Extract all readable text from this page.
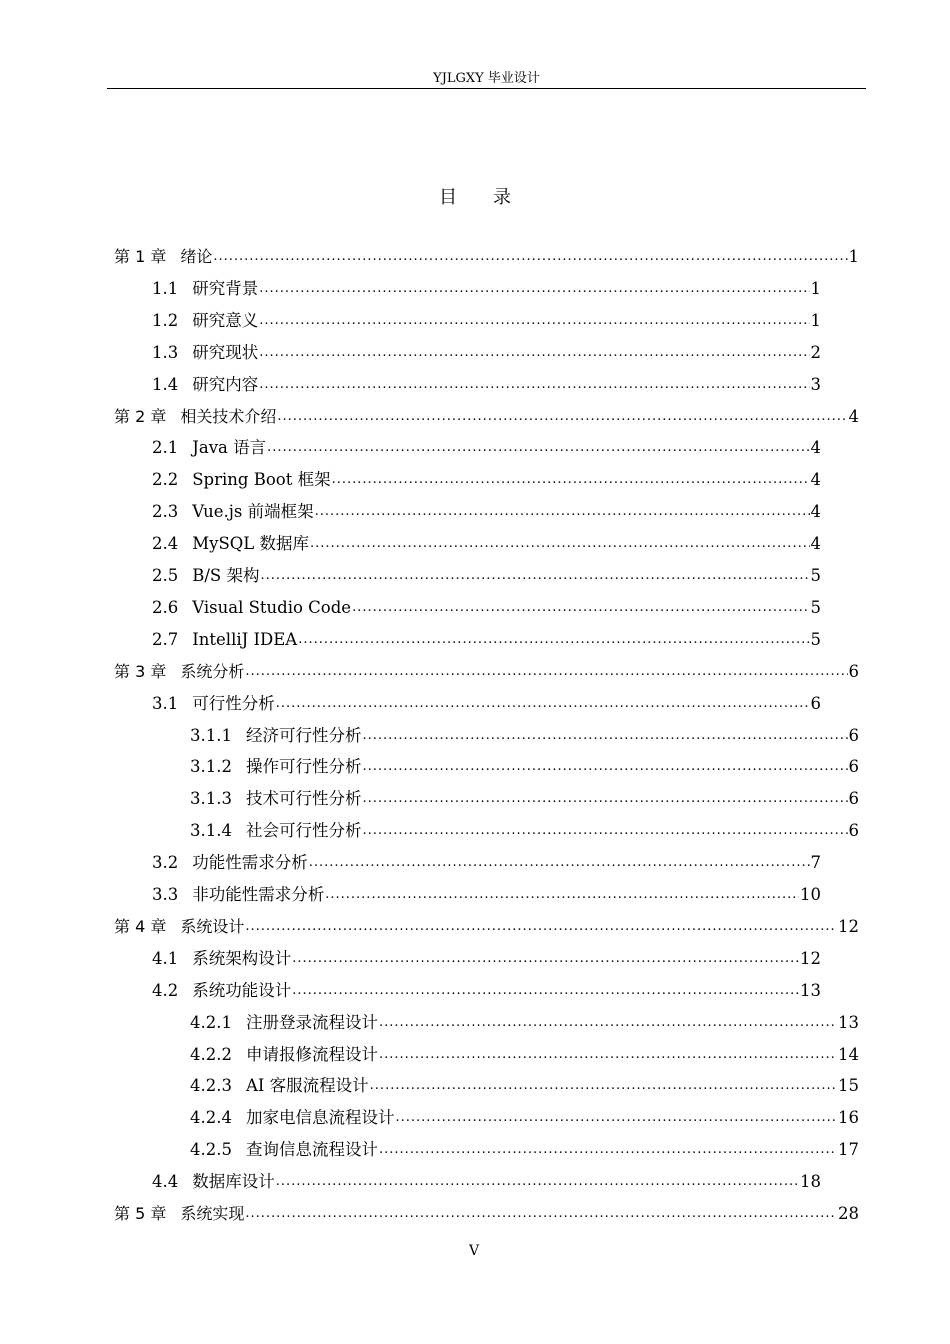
YJLGXY 毕业设计
目录
第 1 章 绪论 .....	1
1.1 研究背景 .....	1
1.2 研究意义 .....	1
1.3 研究现状 .....	2
1.4 研究内容 .....	3
第 2 章 相关技术介绍 .....	4
2.1 Java 语言 .....	4
2.2 Spring Boot 框架 .....	4
2.3 Vue.js 前端框架 .....	4
2.4 MySQL 数据库 .....	4
2.5 B/S 架构 .....	5
2.6 Visual Studio Code .....	5
2.7 IntelliJ IDEA .....	5
第 3 章 系统分析 .....	6
3.1 可行性分析 .....	6
3.1.1 经济可行性分析 .....	6
3.1.2 操作可行性分析 .....	6
3.1.3 技术可行性分析 .....	6
3.1.4 社会可行性分析 .....	6
3.2 功能性需求分析 .....	7
3.3 非功能性需求分析 .....	10
第 4 章 系统设计 .....	12
4.1 系统架构设计 .....	12
4.2 系统功能设计 .....	13
4.2.1 注册登录流程设计 .....	13
4.2.2 申请报修流程设计 .....	14
4.2.3 AI 客服流程设计 .....	15
4.2.4 加家电信息流程设计 .....	16
4.2.5 查询信息流程设计 .....	17
4.4 数据库设计 .....	18
第 5 章 系统实现 .....	28
V
